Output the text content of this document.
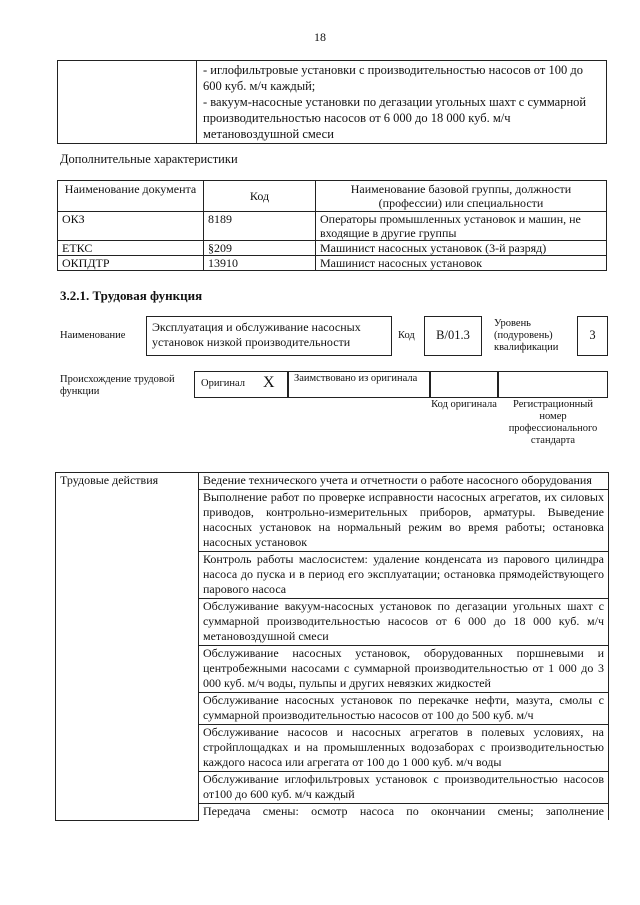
18

- иглофильтровые установки с производительностью насосов от 100 до
600 куб. м/ч каждый;
- вакуум-насосные установки по дегазации угольных шахт с суммарной
производительностью насосов от 6 000 до 18 000 куб. м/ч
метановоздушной смеси
Дополнительные характеристики
Наименование документа	Код	Наименование базовой группы, должности (профессии) или специальности
ОКЗ	8189	Операторы промышленных установок и машин, не входящие в другие группы
ЕТКС	§209	Машинист насосных установок (3-й разряд)
ОКПДТР	13910	Машинист насосных установок
3.2.1. Трудовая функция
Наименование
Эксплуатация и обслуживание насосных установок низкой производительности	Код	B/01.3
Уровень (подуровень) квалификации
3
Происхождение трудовой функции
Оригинал X	Заимствовано из оригинала
Код оригинала	Регистрационный номер профессионального стандарта
Трудовые действия	Ведение технического учета и отчетности о работе насосного оборудования
Выполнение работ по проверке исправности насосных агрегатов, их силовых приводов, контрольно-измерительных приборов, арматуры. Выведение насосных установок на нормальный режим во время работы; остановка насосных установок
Контроль работы маслосистем: удаление конденсата из парового цилиндра насоса до пуска и в период его эксплуатации; остановка прямодействующего парового насоса
Обслуживание вакуум-насосных установок по дегазации угольных шахт с суммарной производительностью насосов от 6 000 до 18 000 куб. м/ч метановоздушной смеси
Обслуживание насосных установок, оборудованных поршневыми и центробежными насосами с суммарной производительностью от 1 000 до 3 000 куб. м/ч воды, пульпы и других невязких жидкостей
Обслуживание насосных установок по перекачке нефти, мазута, смолы с суммарной производительностью насосов от 100 до 500 куб. м/ч
Обслуживание насосов и насосных агрегатов в полевых условиях, на стройплощадках и на промышленных водозаборах с производительностью каждого насоса или агрегата от 100 до 1 000 куб. м/ч воды
Обслуживание иглофильтровых установок с производительностью насосов от100 до 600 куб. м/ч каждый
Передача смены: осмотр насоса по окончании смены; заполнение
